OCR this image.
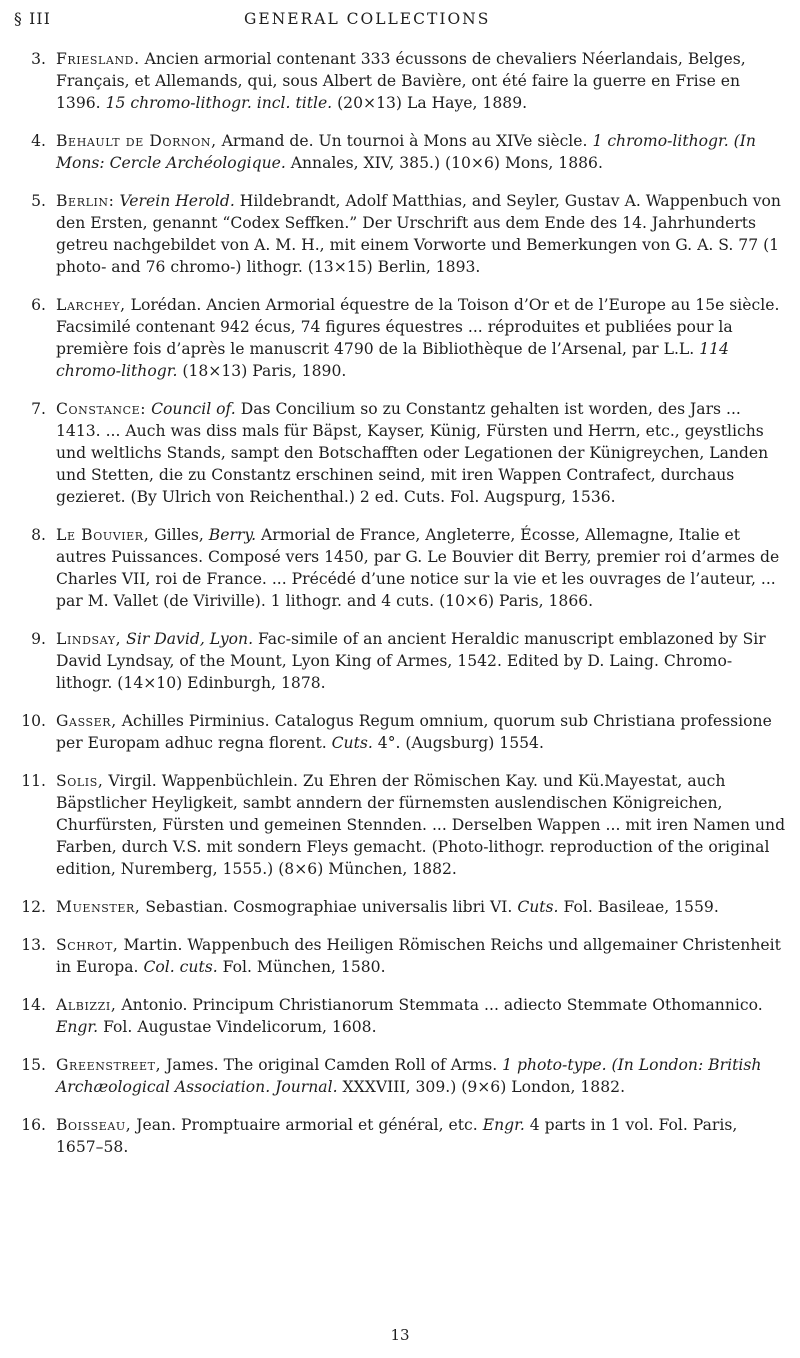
§ III	GENERAL COLLECTIONS
3. Friesland. Ancien armorial contenant 333 écussons de chevaliers Néerlandais, Belges, Français, et Allemands, qui, sous Albert de Bavière, ont été faire la guerre en Frise en 1396. 15 chromo-lithogr. incl. title. (20×13) La Haye, 1889.
4. Behault de Dornon, Armand de. Un tournoi à Mons au XIVe siècle. 1 chromo-lithogr. (In Mons: Cercle Archéologique. Annales, XIV, 385.) (10×6) Mons, 1886.
5. Berlin: Verein Herold. Hildebrandt, Adolf Matthias, and Seyler, Gustav A. Wappenbuch von den Ersten, genannt “Codex Seffken.” Der Urschrift aus dem Ende des 14. Jahrhunderts getreu nachgebildet von A. M. H., mit einem Vorworte und Bemerkungen von G. A. S. 77 (1 photo- and 76 chromo-) lithogr. (13×15) Berlin, 1893.
6. Larchey, Lorédan. Ancien Armorial équestre de la Toison d’Or et de l’Europe au 15e siècle. Facsimilé contenant 942 écus, 74 figures équestres ... réproduites et publiées pour la première fois d’après le manuscrit 4790 de la Bibliothèque de l’Arsenal, par L.L. 114 chromo-lithogr. (18×13) Paris, 1890.
7. Constance: Council of. Das Concilium so zu Constantz gehalten ist worden, des Jars ... 1413. ... Auch was diss mals für Bäpst, Kayser, Künig, Fürsten und Herrn, etc., geystlichs und weltlichs Stands, sampt den Botschafften oder Legationen der Künigreychen, Landen und Stetten, die zu Constantz erschinen seind, mit iren Wappen Contrafect, durchaus gezieret. (By Ulrich von Reichenthal.) 2 ed. Cuts. Fol. Augspurg, 1536.
8. Le Bouvier, Gilles, Berry. Armorial de France, Angleterre, Écosse, Allemagne, Italie et autres Puissances. Composé vers 1450, par G. Le Bouvier dit Berry, premier roi d’armes de Charles VII, roi de France. ... Précédé d’une notice sur la vie et les ouvrages de l’auteur, ... par M. Vallet (de Viriville). 1 lithogr. and 4 cuts. (10×6) Paris, 1866.
9. Lindsay, Sir David, Lyon. Fac-simile of an ancient Heraldic manuscript emblazoned by Sir David Lyndsay, of the Mount, Lyon King of Armes, 1542. Edited by D. Laing. Chromo-lithogr. (14×10) Edinburgh, 1878.
10. Gasser, Achilles Pirminius. Catalogus Regum omnium, quorum sub Christiana professione per Europam adhuc regna florent. Cuts. 4°. (Augsburg) 1554.
11. Solis, Virgil. Wappenbüchlein. Zu Ehren der Römischen Kay. und Kü.Mayestat, auch Bäpstlicher Heyligkeit, sambt anndern der fürnemsten auslendischen Königreichen, Churfürsten, Fürsten und gemeinen Stennden. ... Derselben Wappen ... mit iren Namen und Farben, durch V.S. mit sondern Fleys gemacht. (Photo-lithogr. reproduction of the original edition, Nuremberg, 1555.) (8×6) München, 1882.
12. Muenster, Sebastian. Cosmographiae universalis libri VI. Cuts. Fol. Basileae, 1559.
13. Schrot, Martin. Wappenbuch des Heiligen Römischen Reichs und allgemainer Christenheit in Europa. Col. cuts. Fol. München, 1580.
14. Albizzi, Antonio. Principum Christianorum Stemmata ... adiecto Stemmate Othomannico. Engr. Fol. Augustae Vindelicorum, 1608.
15. Greenstreet, James. The original Camden Roll of Arms. 1 photo-type. (In London: British Archæological Association. Journal. XXXVIII, 309.) (9×6) London, 1882.
16. Boisseau, Jean. Promptuaire armorial et général, etc. Engr. 4 parts in 1 vol. Fol. Paris, 1657–58.
13
